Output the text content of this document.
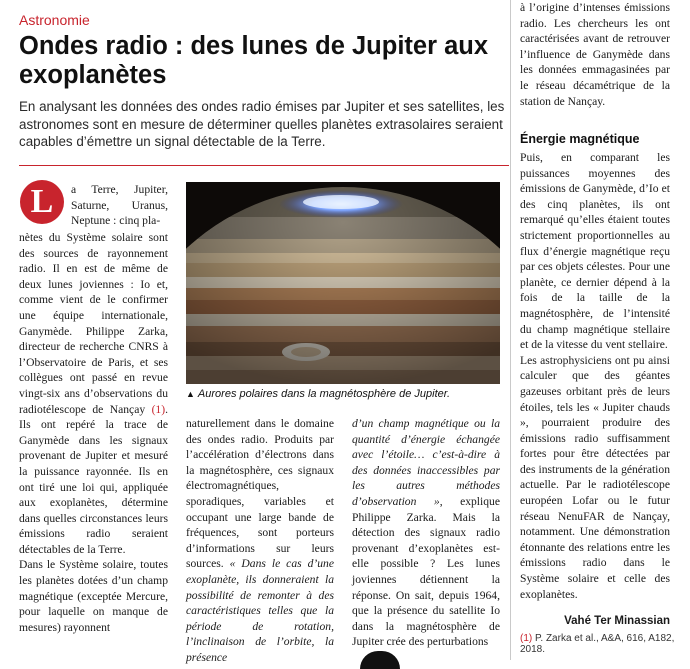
Astronomie
Ondes radio : des lunes de Jupiter aux exoplanètes
En analysant les données des ondes radio émises par Jupiter et ses satellites, les astronomes sont en mesure de déterminer quelles planètes extrasolaires seraient capables d’émettre un signal détectable de la Terre.
L	a Terre, Jupiter, Saturne, Uranus, Neptune : cinq pla-

nètes du Système solaire sont des sources de rayonnement radio. Il en est de même de deux lunes joviennes : Io et, comme vient de le confirmer une équipe internationale, Ganymède. Philippe Zarka, directeur de recherche CNRS à l’Observatoire de Paris, et ses collègues ont passé en revue vingt-six ans d’observations du radiotélescope de Nançay (1). Ils ont repéré la trace de Ganymède dans les signaux provenant de Jupiter et mesuré la puissance rayonnée. Ils en ont tiré une loi qui, appliquée aux exoplanètes, détermine dans quelles circonstances leurs émissions radio seraient détectables de la Terre.
Dans le Système solaire, toutes les planètes dotées d’un champ magnétique (exceptée Mercure, pour laquelle on manque de mesures) rayonnent

▲ Aurores polaires dans la magnétosphère de Jupiter.

naturellement dans le domaine des ondes radio. Produits par l’accélération d’électrons dans la magnétosphère, ces signaux électromagnétiques, sporadiques, variables et occupant une large bande de fréquences, sont porteurs d’informations sur leurs sources. « Dans le cas d’une exoplanète, ils donneraient la possibilité de remonter à des caractéristiques telles que la période de rotation, l’inclinaison de l’orbite, la présence

d’un champ magnétique ou la quantité d’énergie échangée avec l’étoile… c’est-à-dire à des données inaccessibles par les autres méthodes d’observation », explique Philippe Zarka. Mais la détection des signaux radio provenant d’exoplanètes est-elle possible ? Les lunes joviennes détiennent la réponse. On sait, depuis 1964, que la présence du satellite Io dans la magnétosphère de Jupiter crée des perturbations

à l’origine d’intenses émissions radio. Les chercheurs les ont caractérisées avant de retrouver l’influence de Ganymède dans les données emmagasinées par le réseau décamétrique de la station de Nançay.

Énergie magnétique

Puis, en comparant les puissances moyennes des émissions de Ganymède, d’Io et des cinq planètes, ils ont remarqué qu’elles étaient toutes strictement proportionnelles au flux d’énergie magnétique reçu par ces objets célestes. Pour une planète, ce dernier dépend à la fois de la taille de la magnétosphère, de l’intensité du champ magnétique stellaire et de la vitesse du vent stellaire.
Les astrophysiciens ont pu ainsi calculer que des géantes gazeuses orbitant près de leurs étoiles, tels les « Jupiter chauds », pourraient produire des émissions radio suffisamment fortes pour être détectées par des instruments de la génération actuelle. Par le radiotélescope européen Lofar ou le futur réseau NenuFAR de Nançay, notamment. Une démonstration étonnante des relations entre les émissions radio dans le Système solaire et celle des exoplanètes.

Vahé Ter Minassian
(1) P. Zarka et al., A&A, 616, A182, 2018.
